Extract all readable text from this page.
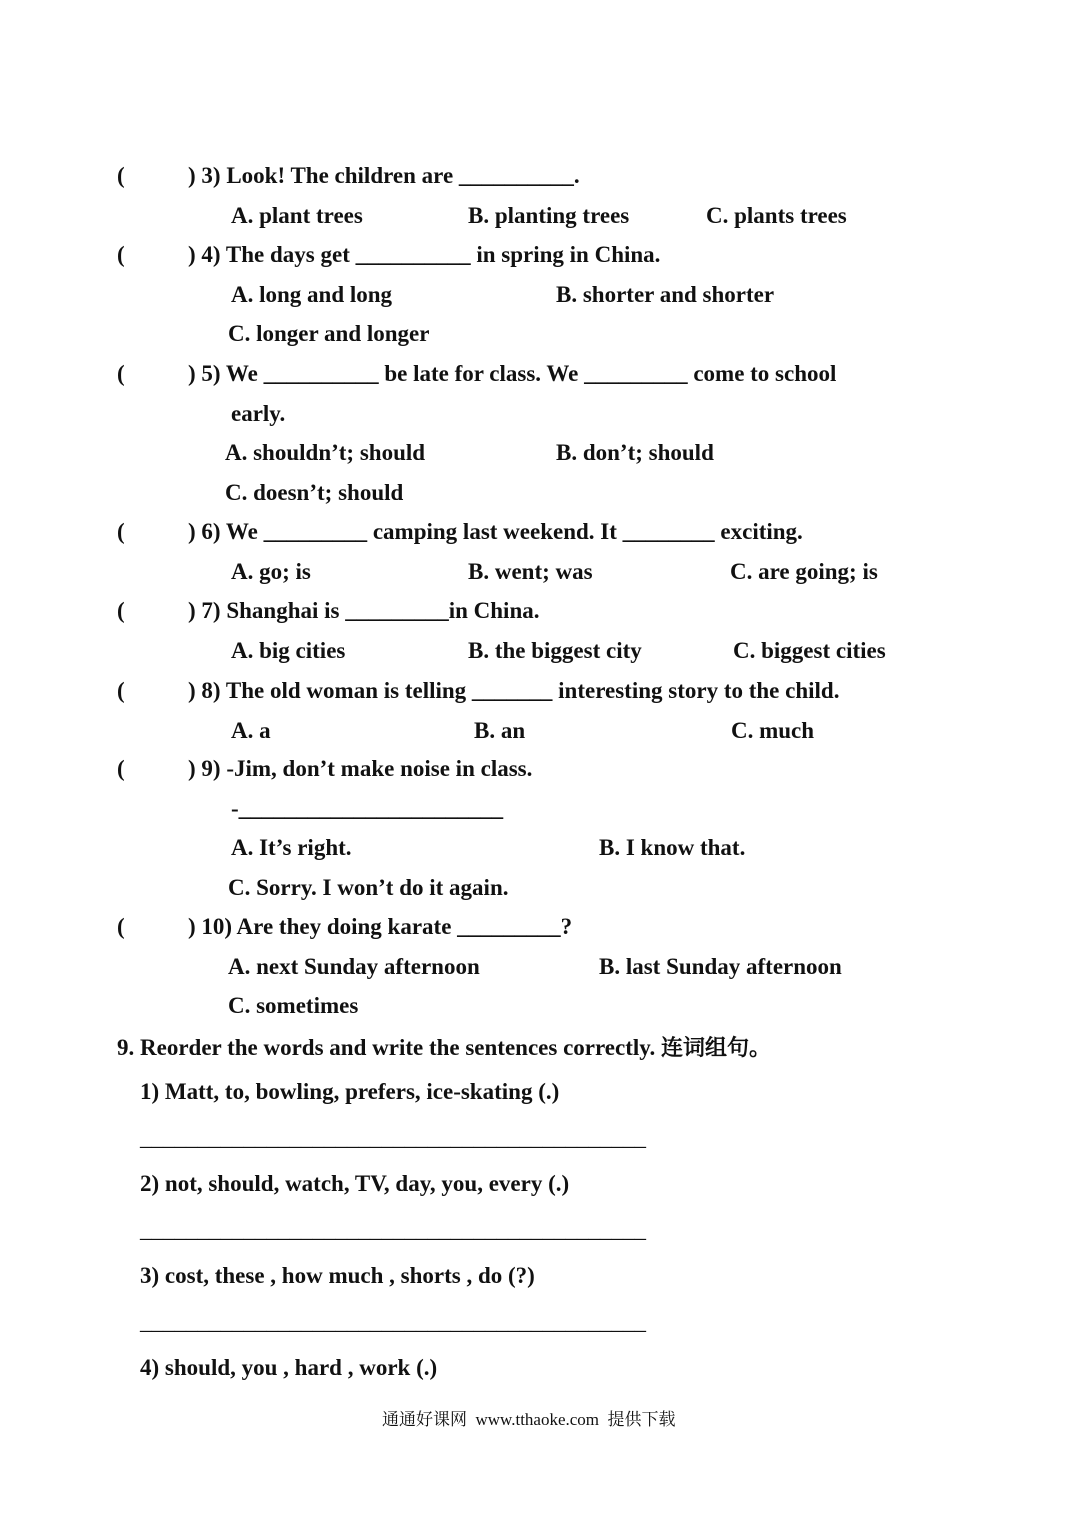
(	) 3) Look! The children are __________.
A. plant trees	B. planting trees	C. plants trees
(	) 4) The days get __________ in spring in China.
A. long and long	B. shorter and shorter
C. longer and longer
(	) 5) We __________ be late for class. We _________ come to school
early.
A. shouldn’t; should	B. don’t; should
C. doesn’t; should
(	) 6) We _________ camping last weekend. It ________ exciting.
A. go; is	B. went; was	C. are going; is
(	) 7) Shanghai is _________in China.
A. big cities	B. the biggest city	C. biggest cities
(	) 8) The old woman is telling _______ interesting story to the child.
A. a	B. an	C. much
(	) 9) -Jim, don’t make noise in class.
-_______________________
A. It’s right.	B. I know that.
C. Sorry. I won’t do it again.
(	) 10) Are they doing karate _________?
A. next Sunday afternoon	B. last Sunday afternoon
C. sometimes
9. Reorder the words and write the sentences correctly. 连词组句。
1) Matt, to, bowling, prefers, ice-skating (.)
____________________________________________
2) not, should, watch, TV, day, you, every (.)
____________________________________________
3) cost, these , how much , shorts , do (?)
____________________________________________
4) should, you , hard , work (.)
通通好课网  www.tthaoke.com  提供下载
